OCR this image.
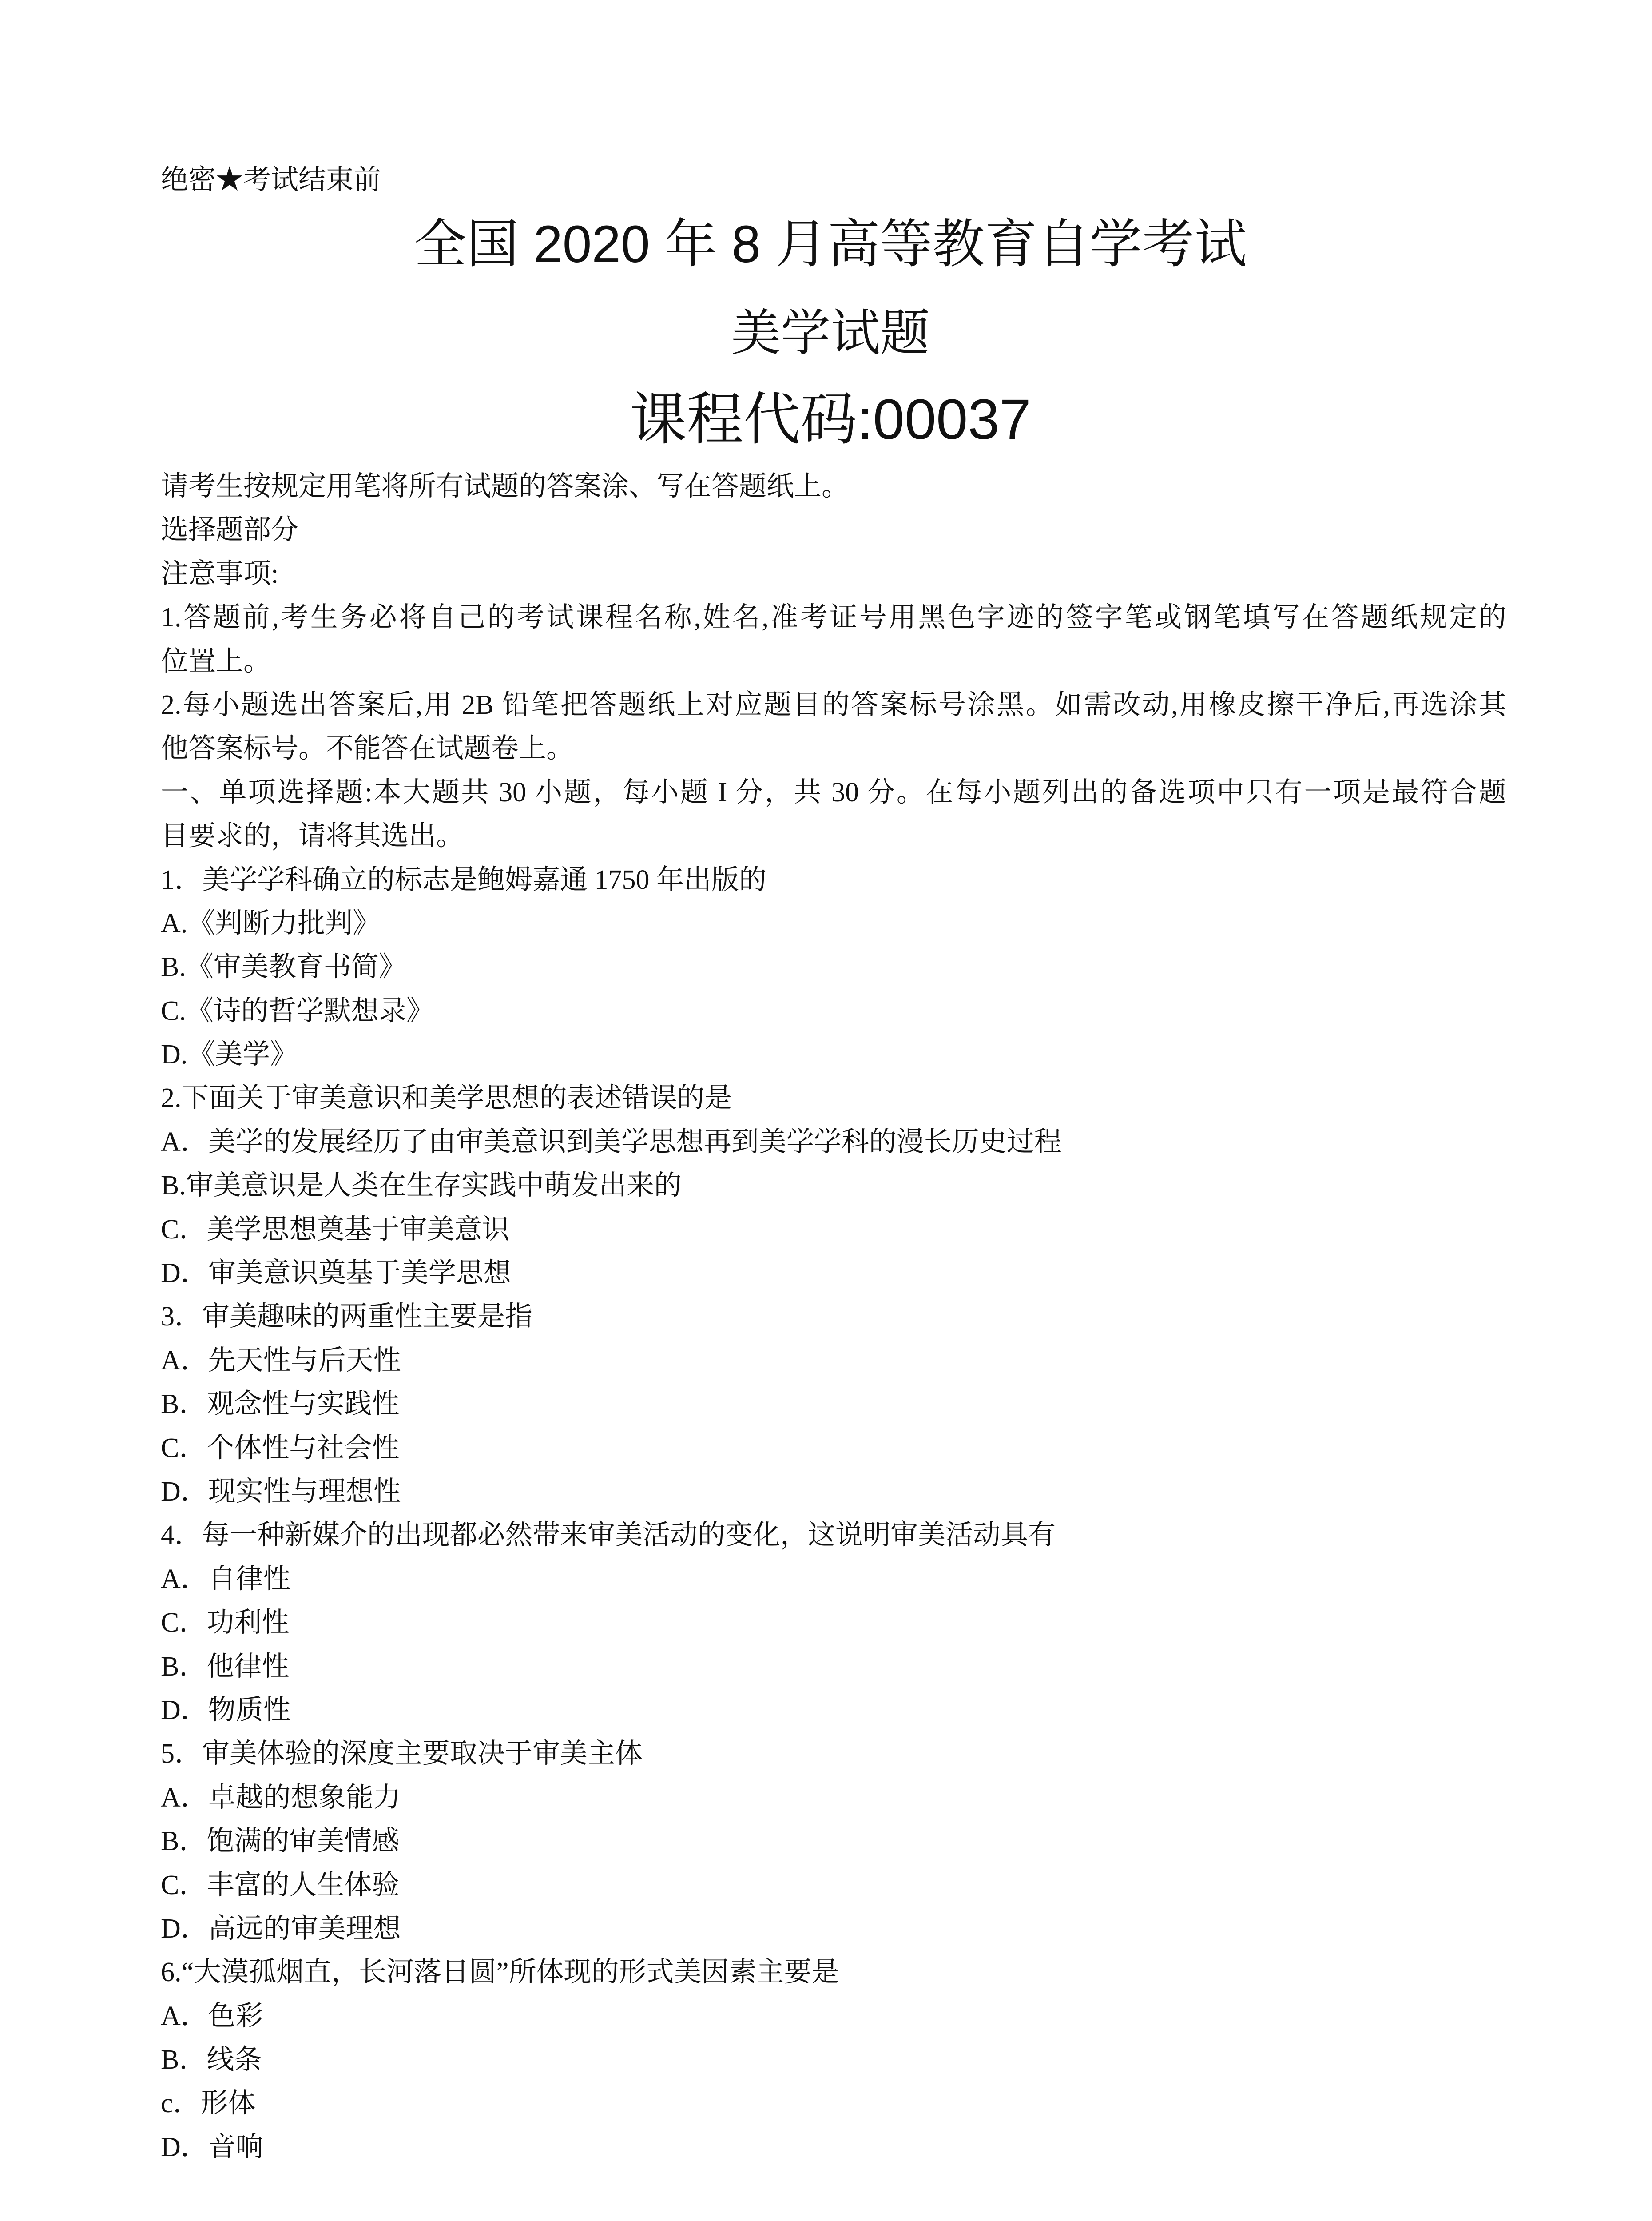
绝密★考试结束前
全国 2020 年 8 月高等教育自学考试
美学试题
课程代码:00037
请考生按规定用笔将所有试题的答案涂、写在答题纸上。
选择题部分
注意事项:
1.答题前,考生务必将自己的考试课程名称,姓名,准考证号用黑色字迹的签字笔或钢笔填写在答题纸规定的
位置上。
2.每小题选出答案后,用 2B 铅笔把答题纸上对应题目的答案标号涂黑。如需改动,用橡皮擦干净后,再选涂其
他答案标号。不能答在试题卷上。
一、单项选择题:本大题共 30 小题，每小题 I 分，共 30 分。在每小题列出的备选项中只有一项是最符合题
目要求的，请将其选出。
1．美学学科确立的标志是鲍姆嘉通 1750 年出版的
A.《判断力批判》
B.《审美教育书简》
C.《诗的哲学默想录》
D.《美学》
2.下面关于审美意识和美学思想的表述错误的是
A．美学的发展经历了由审美意识到美学思想再到美学学科的漫长历史过程
B.审美意识是人类在生存实践中萌发出来的
C．美学思想奠基于审美意识
D．审美意识奠基于美学思想
3．审美趣味的两重性主要是指
A．先天性与后天性
B．观念性与实践性
C．个体性与社会性
D．现实性与理想性
4．每一种新媒介的出现都必然带来审美活动的变化，这说明审美活动具有
A．自律性
C．功利性
B．他律性
D．物质性
5．审美体验的深度主要取决于审美主体
A．卓越的想象能力
B．饱满的审美情感
C．丰富的人生体验
D．高远的审美理想
6.“大漠孤烟直，长河落日圆”所体现的形式美因素主要是
A．色彩
B．线条
c．形体
D．音响
